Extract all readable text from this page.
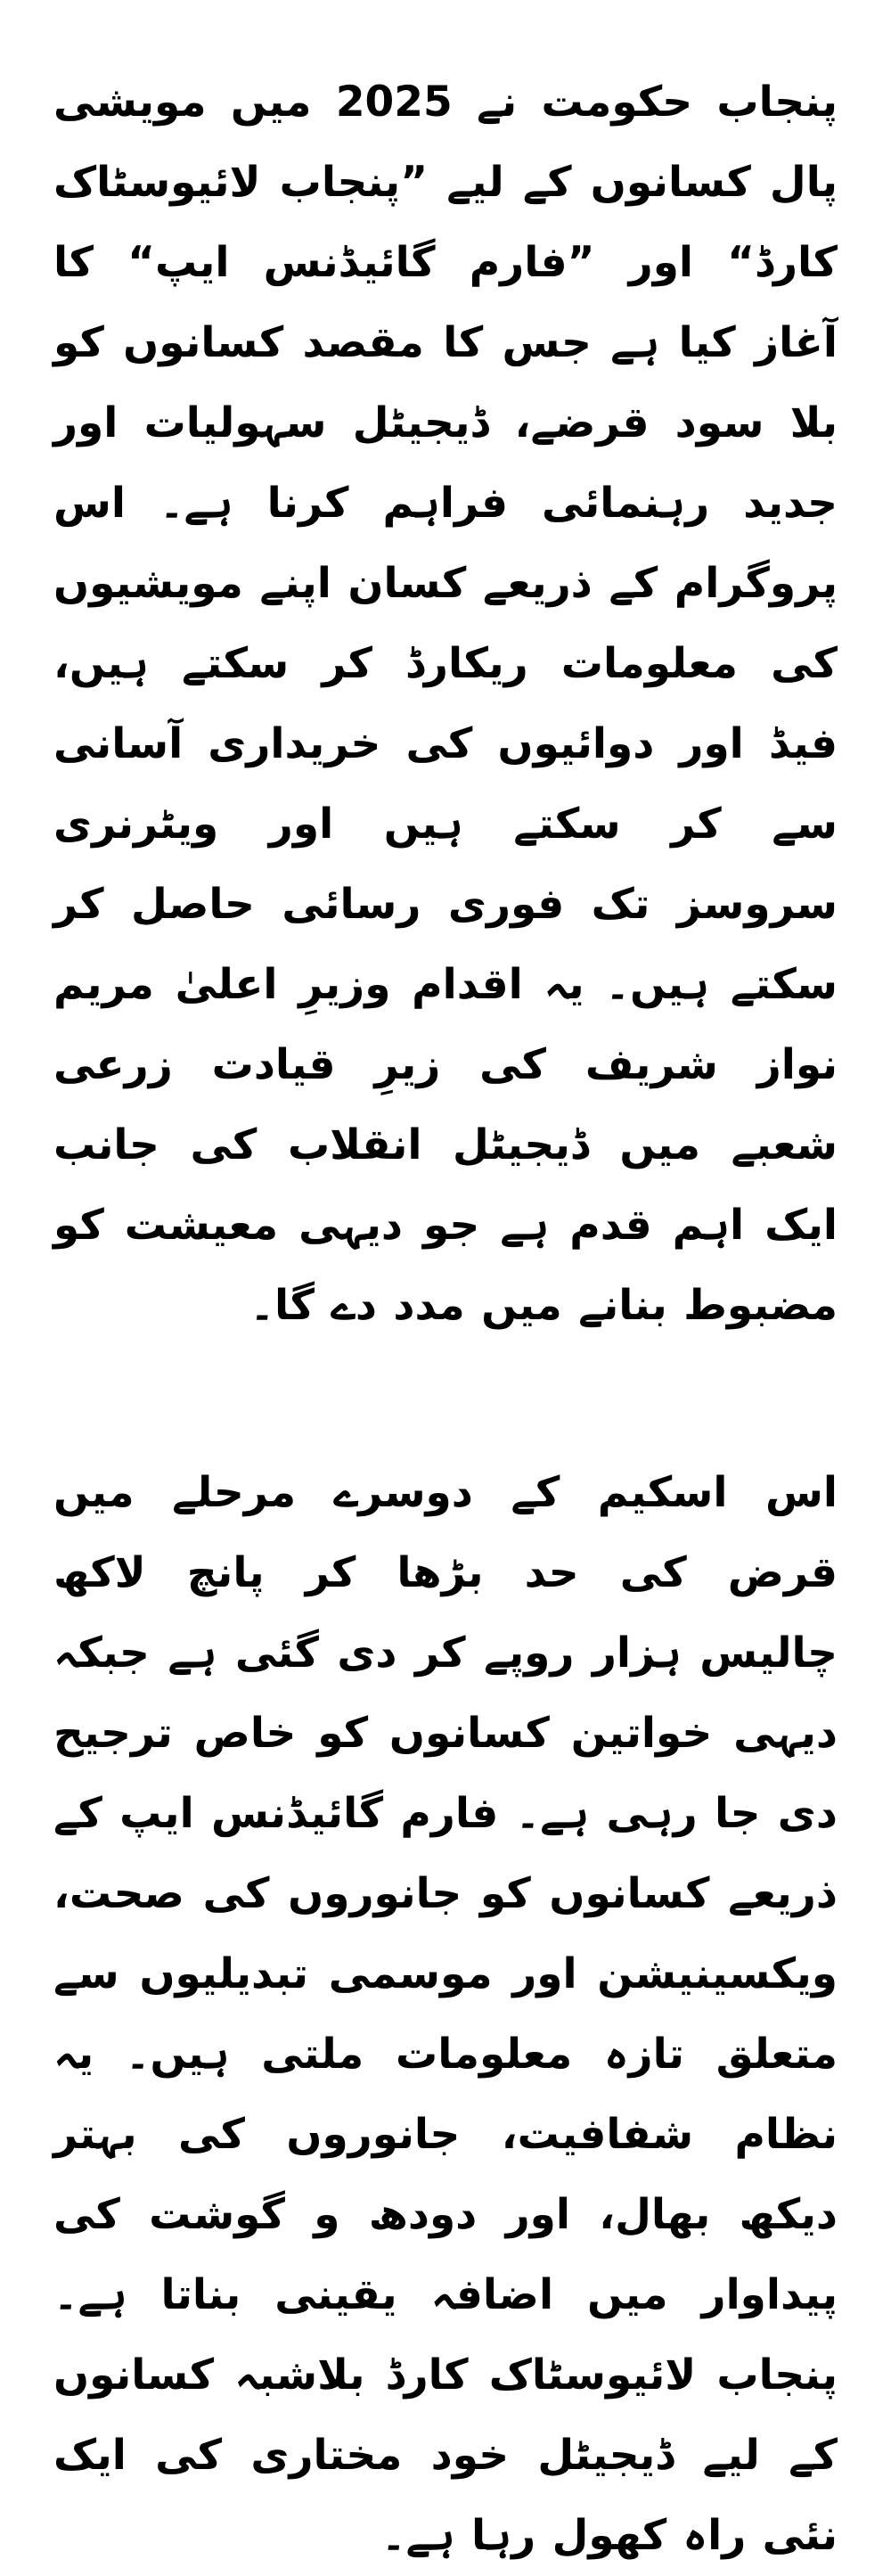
پنجاب حکومت نے 2025 میں مویشی پال کسانوں کے لیے ”پنجاب لائیوسٹاک کارڈ“ اور ”فارم گائیڈنس ایپ“ کا آغاز کیا ہے جس کا مقصد کسانوں کو بلا سود قرضے، ڈیجیٹل سہولیات اور جدید رہنمائی فراہم کرنا ہے۔ اس پروگرام کے ذریعے کسان اپنے مویشیوں کی معلومات ریکارڈ کر سکتے ہیں، فیڈ اور دوائیوں کی خریداری آسانی سے کر سکتے ہیں اور ویٹرنری سروسز تک فوری رسائی حاصل کر سکتے ہیں۔ یہ اقدام وزیرِ اعلیٰ مریم نواز شریف کی زیرِ قیادت زرعی شعبے میں ڈیجیٹل انقلاب کی جانب ایک اہم قدم ہے جو دیہی معیشت کو مضبوط بنانے میں مدد دے گا۔

اس اسکیم کے دوسرے مرحلے میں قرض کی حد بڑھا کر پانچ لاکھ چالیس ہزار روپے کر دی گئی ہے جبکہ دیہی خواتین کسانوں کو خاص ترجیح دی جا رہی ہے۔ فارم گائیڈنس ایپ کے ذریعے کسانوں کو جانوروں کی صحت، ویکسینیشن اور موسمی تبدیلیوں سے متعلق تازہ معلومات ملتی ہیں۔ یہ نظام شفافیت، جانوروں کی بہتر دیکھ بھال، اور دودھ و گوشت کی پیداوار میں اضافہ یقینی بناتا ہے۔ پنجاب لائیوسٹاک کارڈ بلاشبہ کسانوں کے لیے ڈیجیٹل خود مختاری کی ایک نئی راہ کھول رہا ہے۔
